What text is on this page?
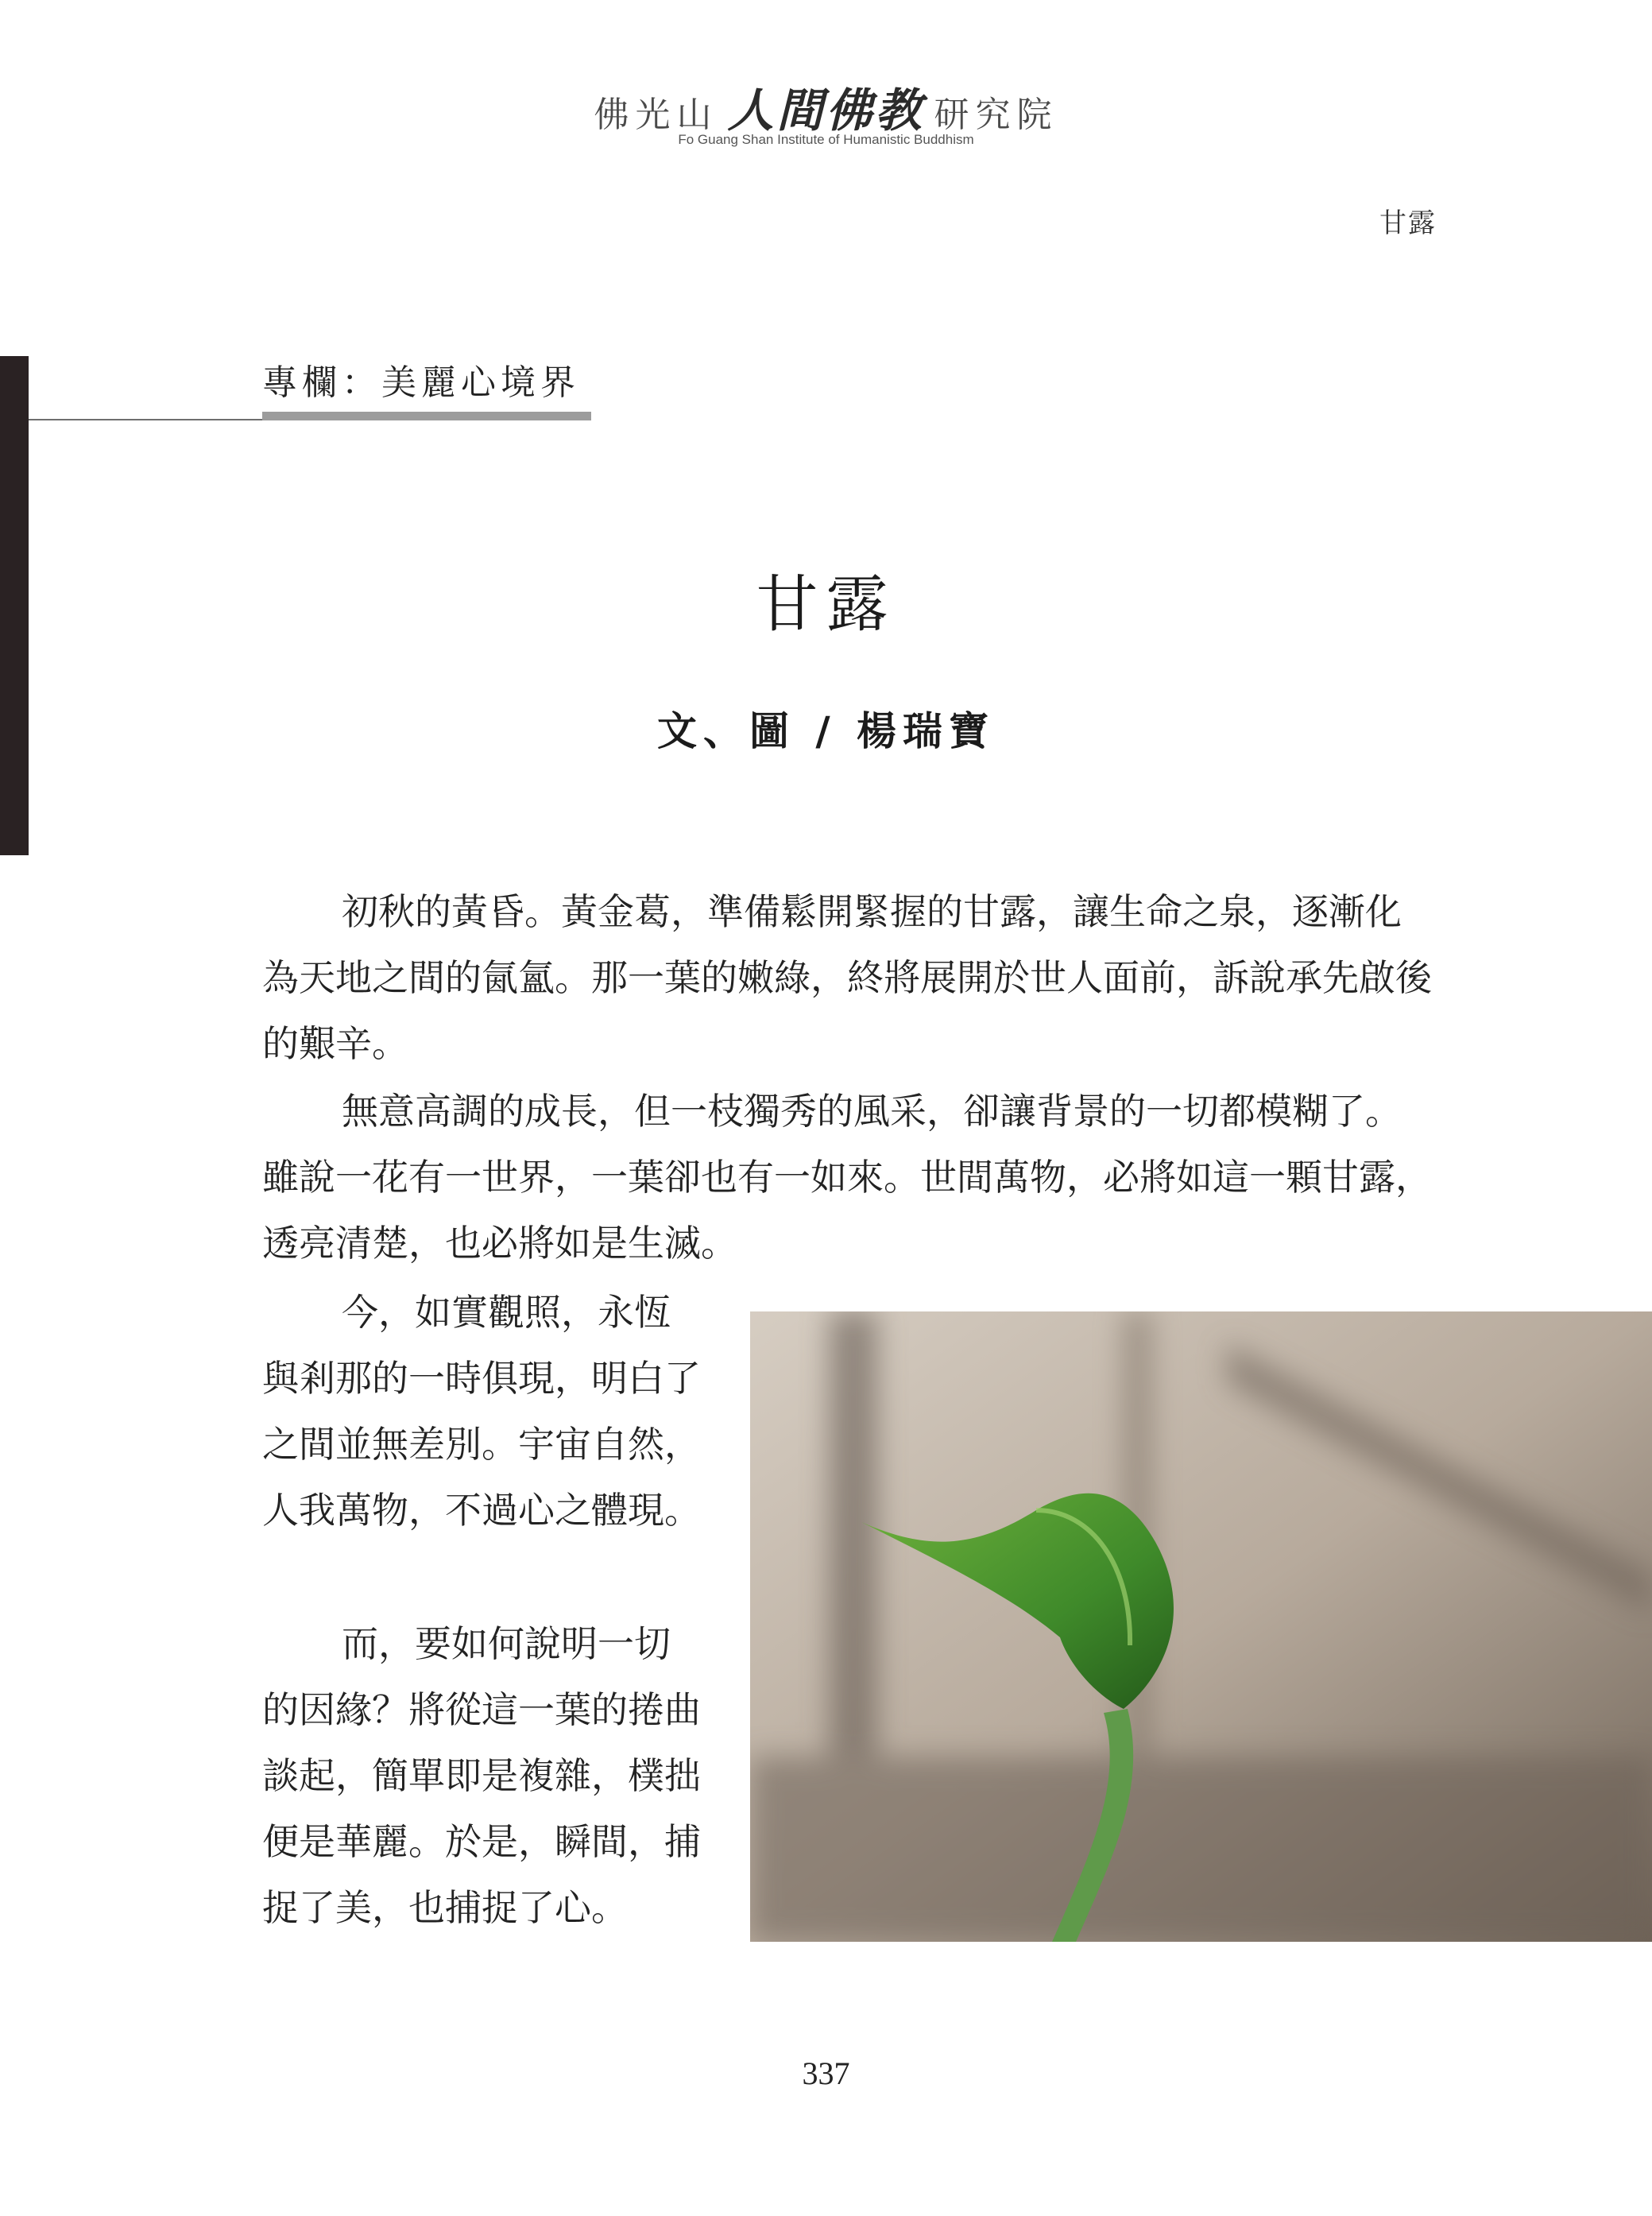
佛光山 人間佛教 研究院
Fo Guang Shan Institute of Humanistic Buddhism
甘露
專欄：美麗心境界
甘露
文、圖 / 楊瑞寶

初秋的黃昏。黃金葛，準備鬆開緊握的甘露，讓生命之泉，逐漸化為天地之間的氤氳。那一葉的嫩綠，終將展開於世人面前，訴說承先啟後的艱辛。

無意高調的成長，但一枝獨秀的風采，卻讓背景的一切都模糊了。雖說一花有一世界，一葉卻也有一如來。世間萬物，必將如這一顆甘露，透亮清楚，也必將如是生滅。

今，如實觀照，永恆與剎那的一時俱現，明白了之間並無差別。宇宙自然，人我萬物，不過心之體現。

而，要如何說明一切的因緣？將從這一葉的捲曲談起，簡單即是複雜，樸拙便是華麗。於是，瞬間，捕捉了美，也捕捉了心。

337
